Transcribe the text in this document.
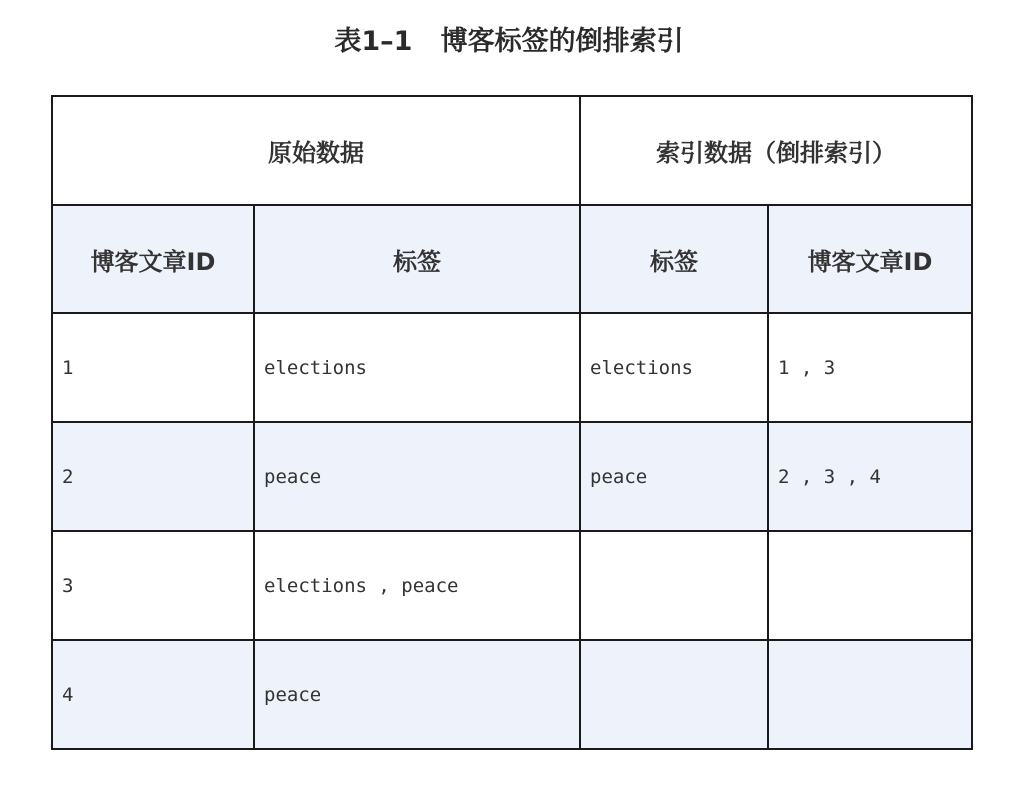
表1–1   博客标签的倒排索引
原始数据		索引数据（倒排索引）	
博客文章ID	标签	标签	博客文章ID
1	elections	elections	1 , 3
2	peace	peace	2 , 3 , 4
3	elections , peace		
4	peace		
